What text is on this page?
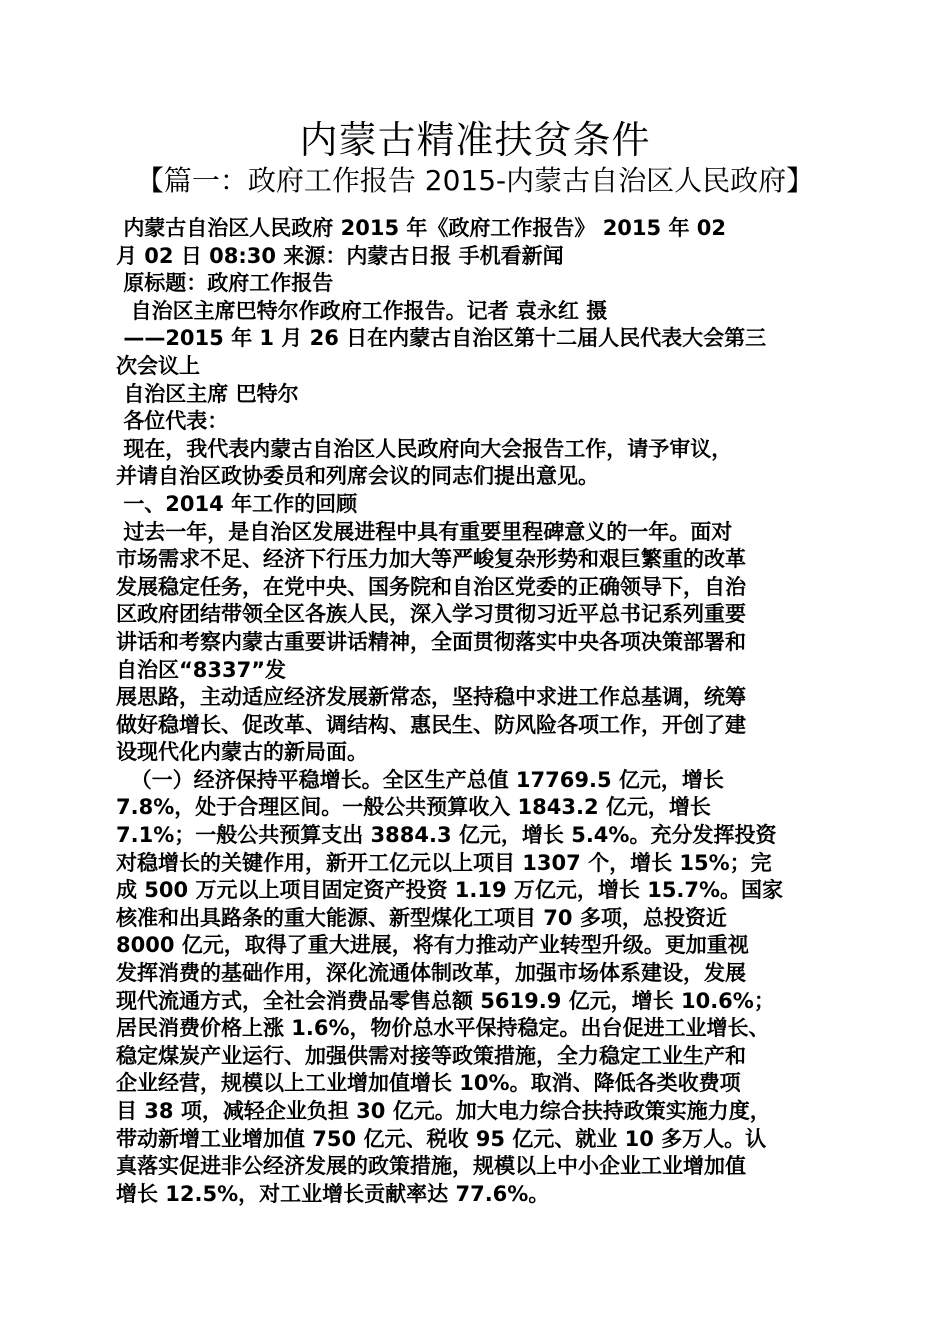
内蒙古精准扶贫条件
【篇一：政府工作报告 2015-内蒙古自治区人民政府】

内蒙古自治区人民政府 2015 年《政府工作报告》 2015 年 02

月 02 日 08:30 来源：内蒙古日报 手机看新闻

原标题：政府工作报告

自治区主席巴特尔作政府工作报告。记者 袁永红 摄

——2015 年 1 月 26 日在内蒙古自治区第十二届人民代表大会第三

次会议上

自治区主席 巴特尔

各位代表：

现在，我代表内蒙古自治区人民政府向大会报告工作，请予审议，

并请自治区政协委员和列席会议的同志们提出意见。

一、2014 年工作的回顾

过去一年，是自治区发展进程中具有重要里程碑意义的一年。面对

市场需求不足、经济下行压力加大等严峻复杂形势和艰巨繁重的改革

发展稳定任务，在党中央、国务院和自治区党委的正确领导下，自治

区政府团结带领全区各族人民，深入学习贯彻习近平总书记系列重要

讲话和考察内蒙古重要讲话精神，全面贯彻落实中央各项决策部署和

自治区“8337”发

展思路，主动适应经济发展新常态，坚持稳中求进工作总基调，统筹

做好稳增长、促改革、调结构、惠民生、防风险各项工作，开创了建

设现代化内蒙古的新局面。

（一）经济保持平稳增长。全区生产总值 17769.5 亿元，增长

7.8%，处于合理区间。一般公共预算收入 1843.2 亿元，增长

7.1%；一般公共预算支出 3884.3 亿元，增长 5.4%。充分发挥投资

对稳增长的关键作用，新开工亿元以上项目 1307 个，增长 15%；完

成 500 万元以上项目固定资产投资 1.19 万亿元，增长 15.7%。国家

核准和出具路条的重大能源、新型煤化工项目 70 多项，总投资近

8000 亿元，取得了重大进展，将有力推动产业转型升级。更加重视

发挥消费的基础作用，深化流通体制改革，加强市场体系建设，发展

现代流通方式，全社会消费品零售总额 5619.9 亿元，增长 10.6%；

居民消费价格上涨 1.6%，物价总水平保持稳定。出台促进工业增长、

稳定煤炭产业运行、加强供需对接等政策措施，全力稳定工业生产和

企业经营，规模以上工业增加值增长 10%。取消、降低各类收费项

目 38 项，减轻企业负担 30 亿元。加大电力综合扶持政策实施力度，

带动新增工业增加值 750 亿元、税收 95 亿元、就业 10 多万人。认

真落实促进非公经济发展的政策措施，规模以上中小企业工业增加值

增长 12.5%，对工业增长贡献率达 77.6%。
